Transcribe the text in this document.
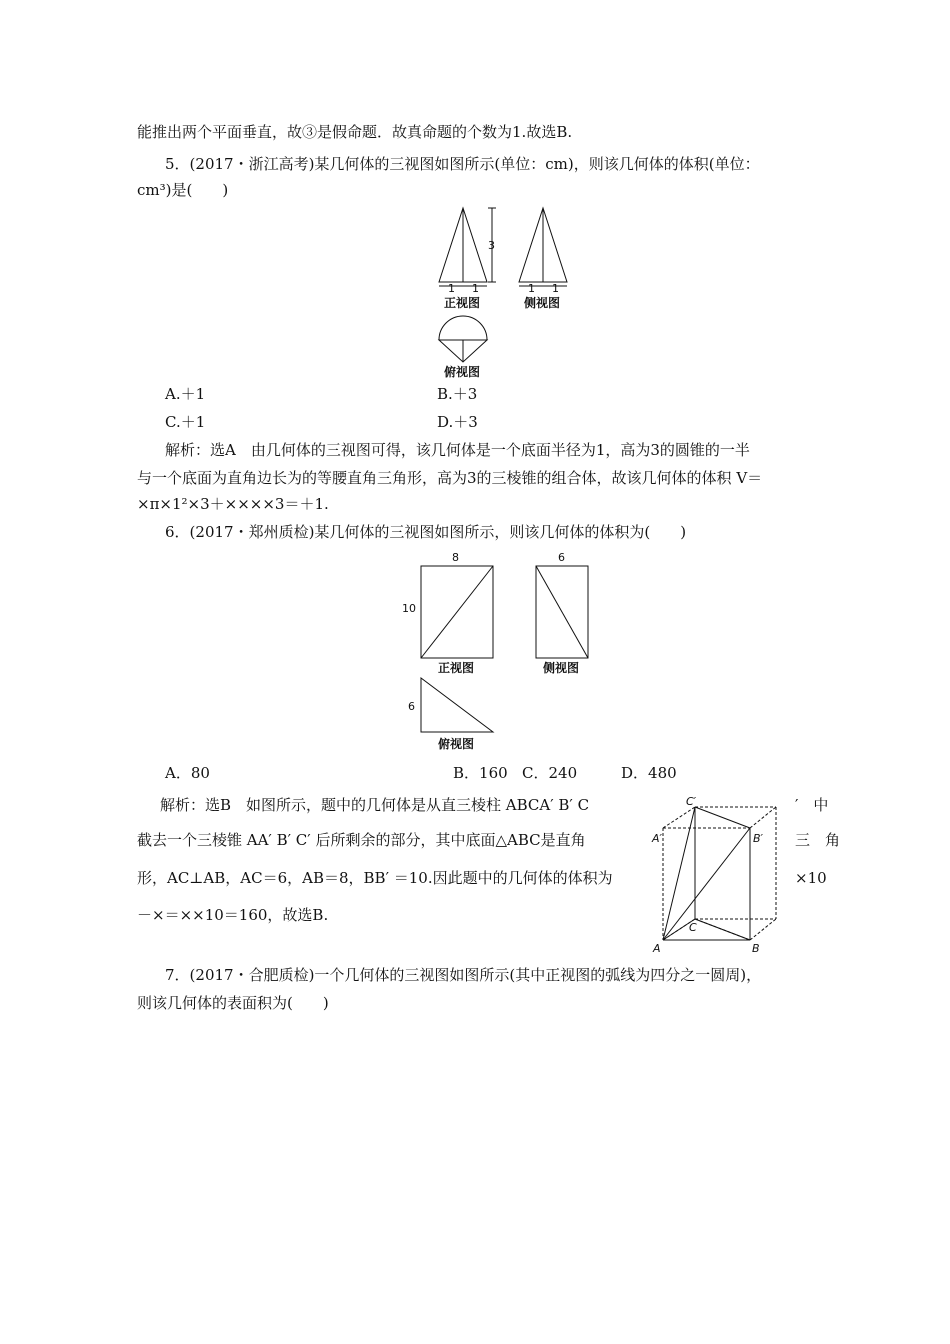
能推出两个平面垂直，故③是假命题．故真命题的个数为1.故选B.
5．(2017・浙江高考)某几何体的三视图如图所示(单位：cm)，则该几何体的体积(单位：
cm³)是(　　)
3
1 1
正视图
1 1
侧视图
俯视图
A.＋1	B.＋3
C.＋1	D.＋3
解析：选A　由几何体的三视图可得，该几何体是一个底面半径为1，高为3的圆锥的一半
与一个底面为直角边长为的等腰直角三角形，高为3的三棱锥的组合体，故该几何体的体积 V＝
×π×1²×3＋××××3＝＋1.
6．(2017・郑州质检)某几何体的三视图如图所示，则该几何体的体积为(　　)
8
10
正视图
6
侧视图
6
俯视图
A．80	B．160 C．240	D．480
解析：选B　如图所示，题中的几何体是从直三棱柱 ABCA′ B′ C	′　中
截去一个三棱锥 AA′ B′ C′ 后所剩余的部分，其中底面△ABC是直角	三　角
形，AC⊥AB，AC＝6，AB＝8，BB′ ＝10.因此题中的几何体的体积为	×10
－×＝××10＝160，故选B.
C′
A′	B′
A
C
B
7．(2017・合肥质检)一个几何体的三视图如图所示(其中正视图的弧线为四分之一圆周)，
则该几何体的表面积为(　　)
